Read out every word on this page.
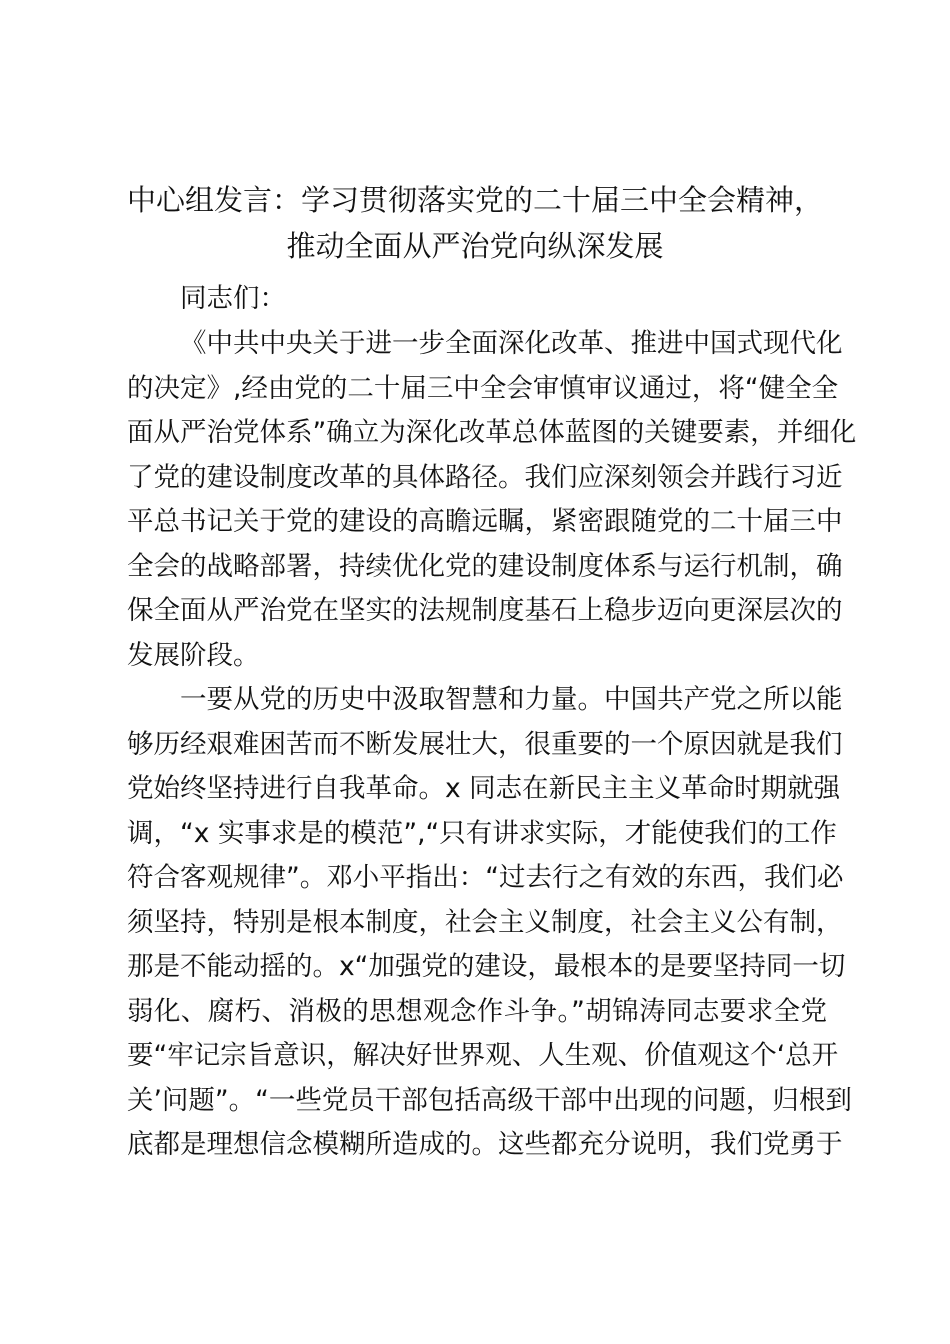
中心组发言：学习贯彻落实党的二十届三中全会精神，
推动全面从严治党向纵深发展

同志们：

《中共中央关于进一步全面深化改革、推进中国式现代化

的决定》,经由党的二十届三中全会审慎审议通过，将“健全全

面从严治党体系”确立为深化改革总体蓝图的关键要素，并细化

了党的建设制度改革的具体路径。我们应深刻领会并践行习近

平总书记关于党的建设的高瞻远瞩，紧密跟随党的二十届三中

全会的战略部署，持续优化党的建设制度体系与运行机制，确

保全面从严治党在坚实的法规制度基石上稳步迈向更深层次的

发展阶段。

一要从党的历史中汲取智慧和力量。中国共产党之所以能

够历经艰难困苦而不断发展壮大，很重要的一个原因就是我们

党始终坚持进行自我革命。x 同志在新民主主义革命时期就强

调，“x 实事求是的模范”,“只有讲求实际，才能使我们的工作

符合客观规律”。邓小平指出：“过去行之有效的东西，我们必

须坚持，特别是根本制度，社会主义制度，社会主义公有制，

那是不能动摇的。x“加强党的建设，最根本的是要坚持同一切

弱化、腐朽、消极的思想观念作斗争。”胡锦涛同志要求全党

要“牢记宗旨意识，解决好世界观、人生观、价值观这个‘总开

关’问题”。“一些党员干部包括高级干部中出现的问题，归根到

底都是理想信念模糊所造成的。这些都充分说明，我们党勇于
